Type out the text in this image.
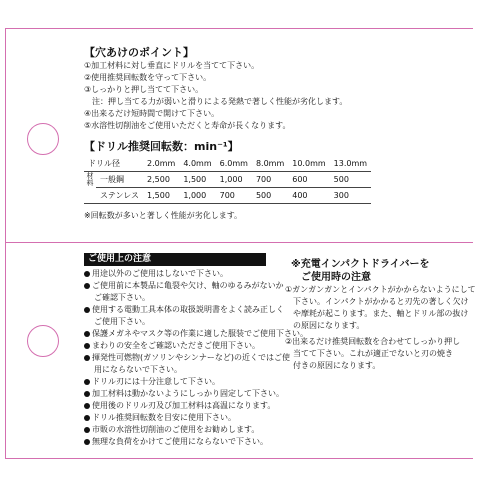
【穴あけのポイント】
①加工材料に対し垂直にドリルを当てて下さい。
②使用推奨回転数を守って下さい。
③しっかりと押し当てて下さい。
　注：押し当てる力が弱いと滑りによる発熱で著しく性能が劣化します。
④出来るだけ短時間で開けて下さい。
⑤水溶性切削油をご使用いただくと寿命が長くなります。
【ドリル推奨回転数：min⁻¹】
ドリル径		2.0mm	4.0mm	6.0mm	8.0mm	10.0mm	13.0mm
材料	一般鋼	2,500	1,500	1,000	700	600	500
	ステンレス	1,500	1,000	700	500	400	300
※回転数が多いと著しく性能が劣化します。
ご使用上の注意
用途以外のご使用はしないで下さい。
ご使用前に本製品に亀裂や欠け、軸のゆるみがないか
ご確認下さい。
使用する電動工具本体の取扱説明書をよく読み正しく
ご使用下さい。
保護メガネやマスク等の作業に適した服装でご使用下さい。
まわりの安全をご確認いただきご使用下さい。
揮発性可燃物(ガソリンやシンナーなど)の近くではご使
用にならないで下さい。
ドリル刃には十分注意して下さい。
加工材料は動かないようにしっかり固定して下さい。
使用後のドリル刃及び加工材料は高温になります。
ドリル推奨回転数を目安に使用下さい。
市販の水溶性切削油のご使用をお勧めします。
無理な負荷をかけてご使用にならないで下さい。
※充電インパクトドライバーを
ご使用時の注意
①ガンガンガンとインパクトがかからないようにして
　下さい。インパクトがかかると刃先の著しく欠け
　や摩耗が起こります。また、軸とドリル部の抜け
　の原因になります。
②出来るだけ推奨回転数を合わせてしっかり押し
　当てて下さい。これが適正でないと刃の焼き
　付きの原因になります。
